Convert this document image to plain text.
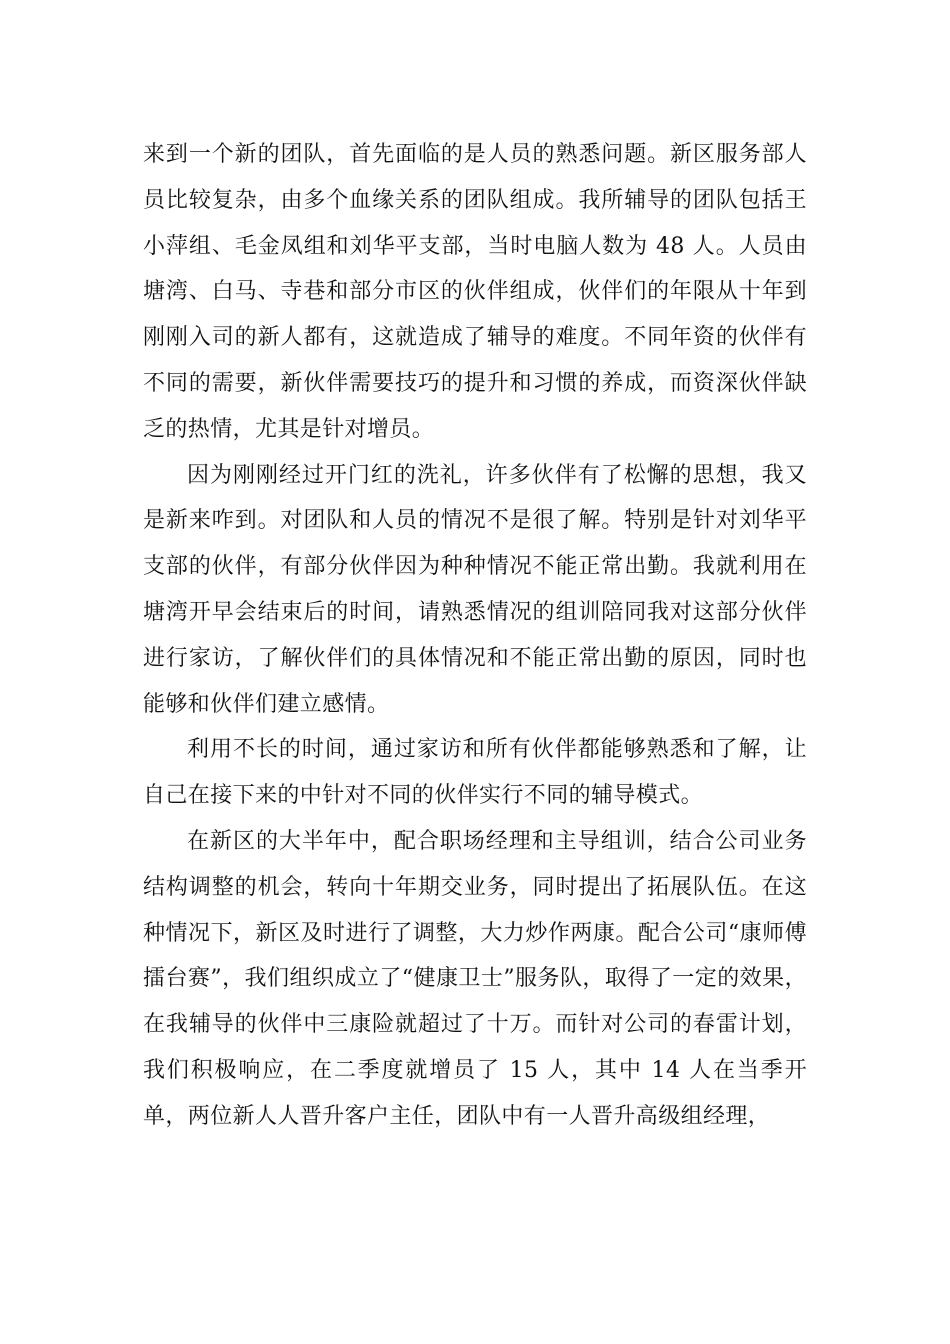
来到一个新的团队，首先面临的是人员的熟悉问题。新区服务部人员比较复杂，由多个血缘关系的团队组成。我所辅导的团队包括王小萍组、毛金凤组和刘华平支部，当时电脑人数为 48 人。人员由塘湾、白马、寺巷和部分市区的伙伴组成，伙伴们的年限从十年到刚刚入司的新人都有，这就造成了辅导的难度。不同年资的伙伴有不同的需要，新伙伴需要技巧的提升和习惯的养成，而资深伙伴缺乏的热情，尤其是针对增员。

因为刚刚经过开门红的洗礼，许多伙伴有了松懈的思想，我又是新来咋到。对团队和人员的情况不是很了解。特别是针对刘华平支部的伙伴，有部分伙伴因为种种情况不能正常出勤。我就利用在塘湾开早会结束后的时间，请熟悉情况的组训陪同我对这部分伙伴进行家访，了解伙伴们的具体情况和不能正常出勤的原因，同时也能够和伙伴们建立感情。

利用不长的时间，通过家访和所有伙伴都能够熟悉和了解，让自己在接下来的中针对不同的伙伴实行不同的辅导模式。

在新区的大半年中，配合职场经理和主导组训，结合公司业务结构调整的机会，转向十年期交业务，同时提出了拓展队伍。在这种情况下，新区及时进行了调整，大力炒作两康。配合公司“康师傅擂台赛”，我们组织成立了“健康卫士”服务队，取得了一定的效果，在我辅导的伙伴中三康险就超过了十万。而针对公司的春雷计划，我们积极响应，在二季度就增员了 15 人，其中 14 人在当季开单，两位新人人晋升客户主任，团队中有一人晋升高级组经理，
